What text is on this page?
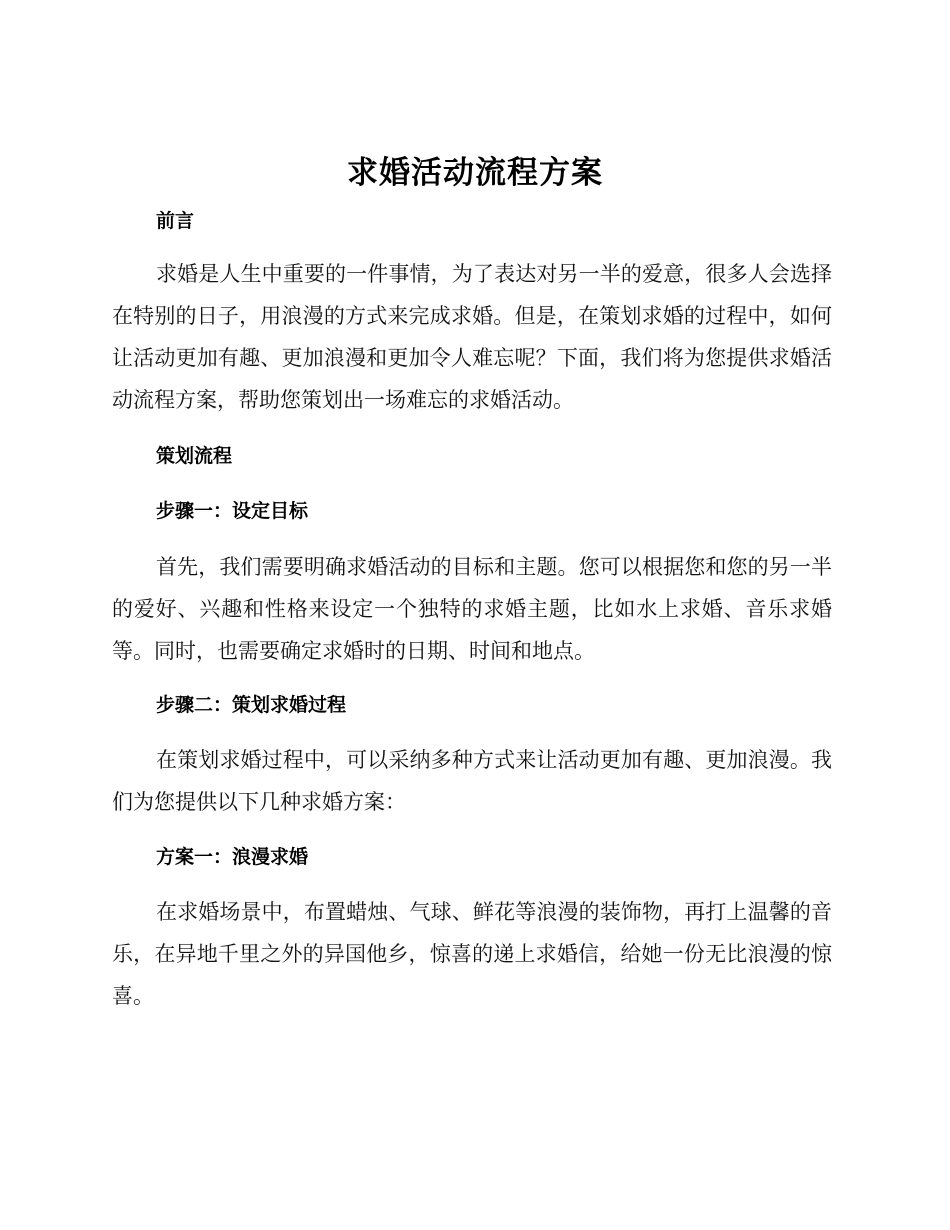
求婚活动流程方案
前言

求婚是人生中重要的一件事情，为了表达对另一半的爱意，很多人会选择在特别的日子，用浪漫的方式来完成求婚。但是，在策划求婚的过程中，如何让活动更加有趣、更加浪漫和更加令人难忘呢？下面，我们将为您提供求婚活动流程方案，帮助您策划出一场难忘的求婚活动。

策划流程
步骤一：设定目标

首先，我们需要明确求婚活动的目标和主题。您可以根据您和您的另一半的爱好、兴趣和性格来设定一个独特的求婚主题，比如水上求婚、音乐求婚等。同时，也需要确定求婚时的日期、时间和地点。

步骤二：策划求婚过程

在策划求婚过程中，可以采纳多种方式来让活动更加有趣、更加浪漫。我们为您提供以下几种求婚方案：

方案一：浪漫求婚

在求婚场景中，布置蜡烛、气球、鲜花等浪漫的装饰物，再打上温馨的音乐，在异地千里之外的异国他乡，惊喜的递上求婚信，给她一份无比浪漫的惊喜。
